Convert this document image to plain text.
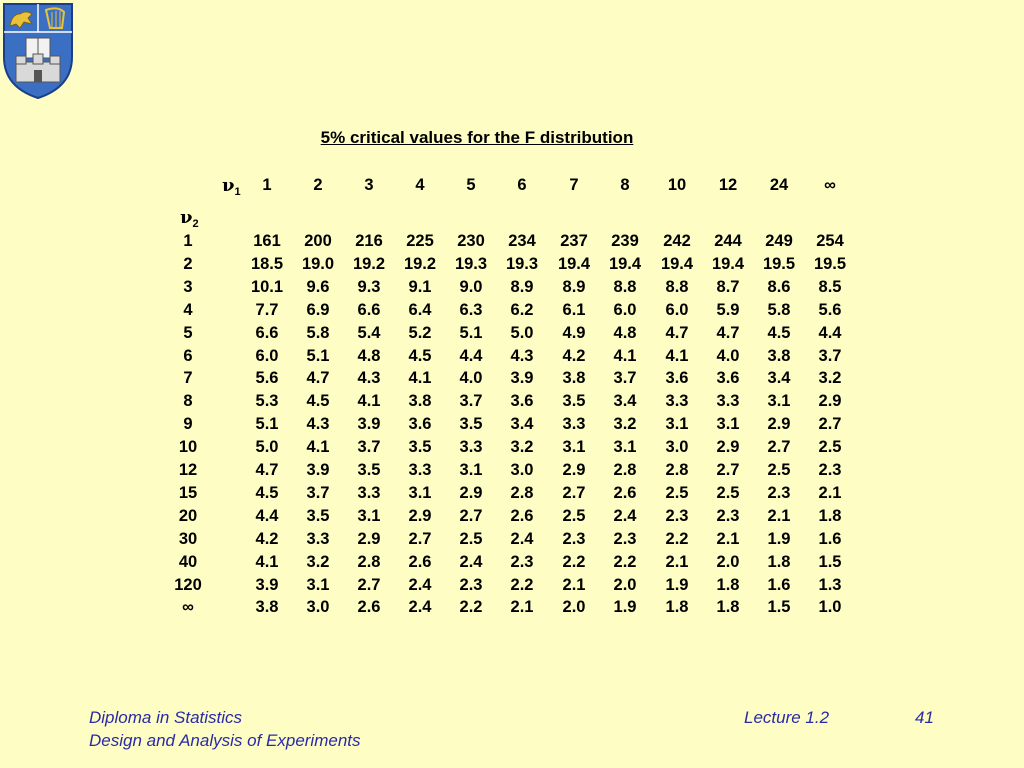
5% critical values for the F distribution
$\nu_1$
$\nu_2$
1	2	3	4	5	6	7	8	10	12	24	∞
1	161	200	216	225	230	234	237	239	242	244	249	254
2	18.5	19.0	19.2	19.2	19.3	19.3	19.4	19.4	19.4	19.4	19.5	19.5
3	10.1	9.6	9.3	9.1	9.0	8.9	8.9	8.8	8.8	8.7	8.6	8.5
4	7.7	6.9	6.6	6.4	6.3	6.2	6.1	6.0	6.0	5.9	5.8	5.6
5	6.6	5.8	5.4	5.2	5.1	5.0	4.9	4.8	4.7	4.7	4.5	4.4
6	6.0	5.1	4.8	4.5	4.4	4.3	4.2	4.1	4.1	4.0	3.8	3.7
7	5.6	4.7	4.3	4.1	4.0	3.9	3.8	3.7	3.6	3.6	3.4	3.2
8	5.3	4.5	4.1	3.8	3.7	3.6	3.5	3.4	3.3	3.3	3.1	2.9
9	5.1	4.3	3.9	3.6	3.5	3.4	3.3	3.2	3.1	3.1	2.9	2.7
10	5.0	4.1	3.7	3.5	3.3	3.2	3.1	3.1	3.0	2.9	2.7	2.5
12	4.7	3.9	3.5	3.3	3.1	3.0	2.9	2.8	2.8	2.7	2.5	2.3
15	4.5	3.7	3.3	3.1	2.9	2.8	2.7	2.6	2.5	2.5	2.3	2.1
20	4.4	3.5	3.1	2.9	2.7	2.6	2.5	2.4	2.3	2.3	2.1	1.8
30	4.2	3.3	2.9	2.7	2.5	2.4	2.3	2.3	2.2	2.1	1.9	1.6
40	4.1	3.2	2.8	2.6	2.4	2.3	2.2	2.2	2.1	2.0	1.8	1.5
120	3.9	3.1	2.7	2.4	2.3	2.2	2.1	2.0	1.9	1.8	1.6	1.3
∞	3.8	3.0	2.6	2.4	2.2	2.1	2.0	1.9	1.8	1.8	1.5	1.0
Diploma in Statistics
Design and Analysis of Experiments
Lecture 1.2	41
